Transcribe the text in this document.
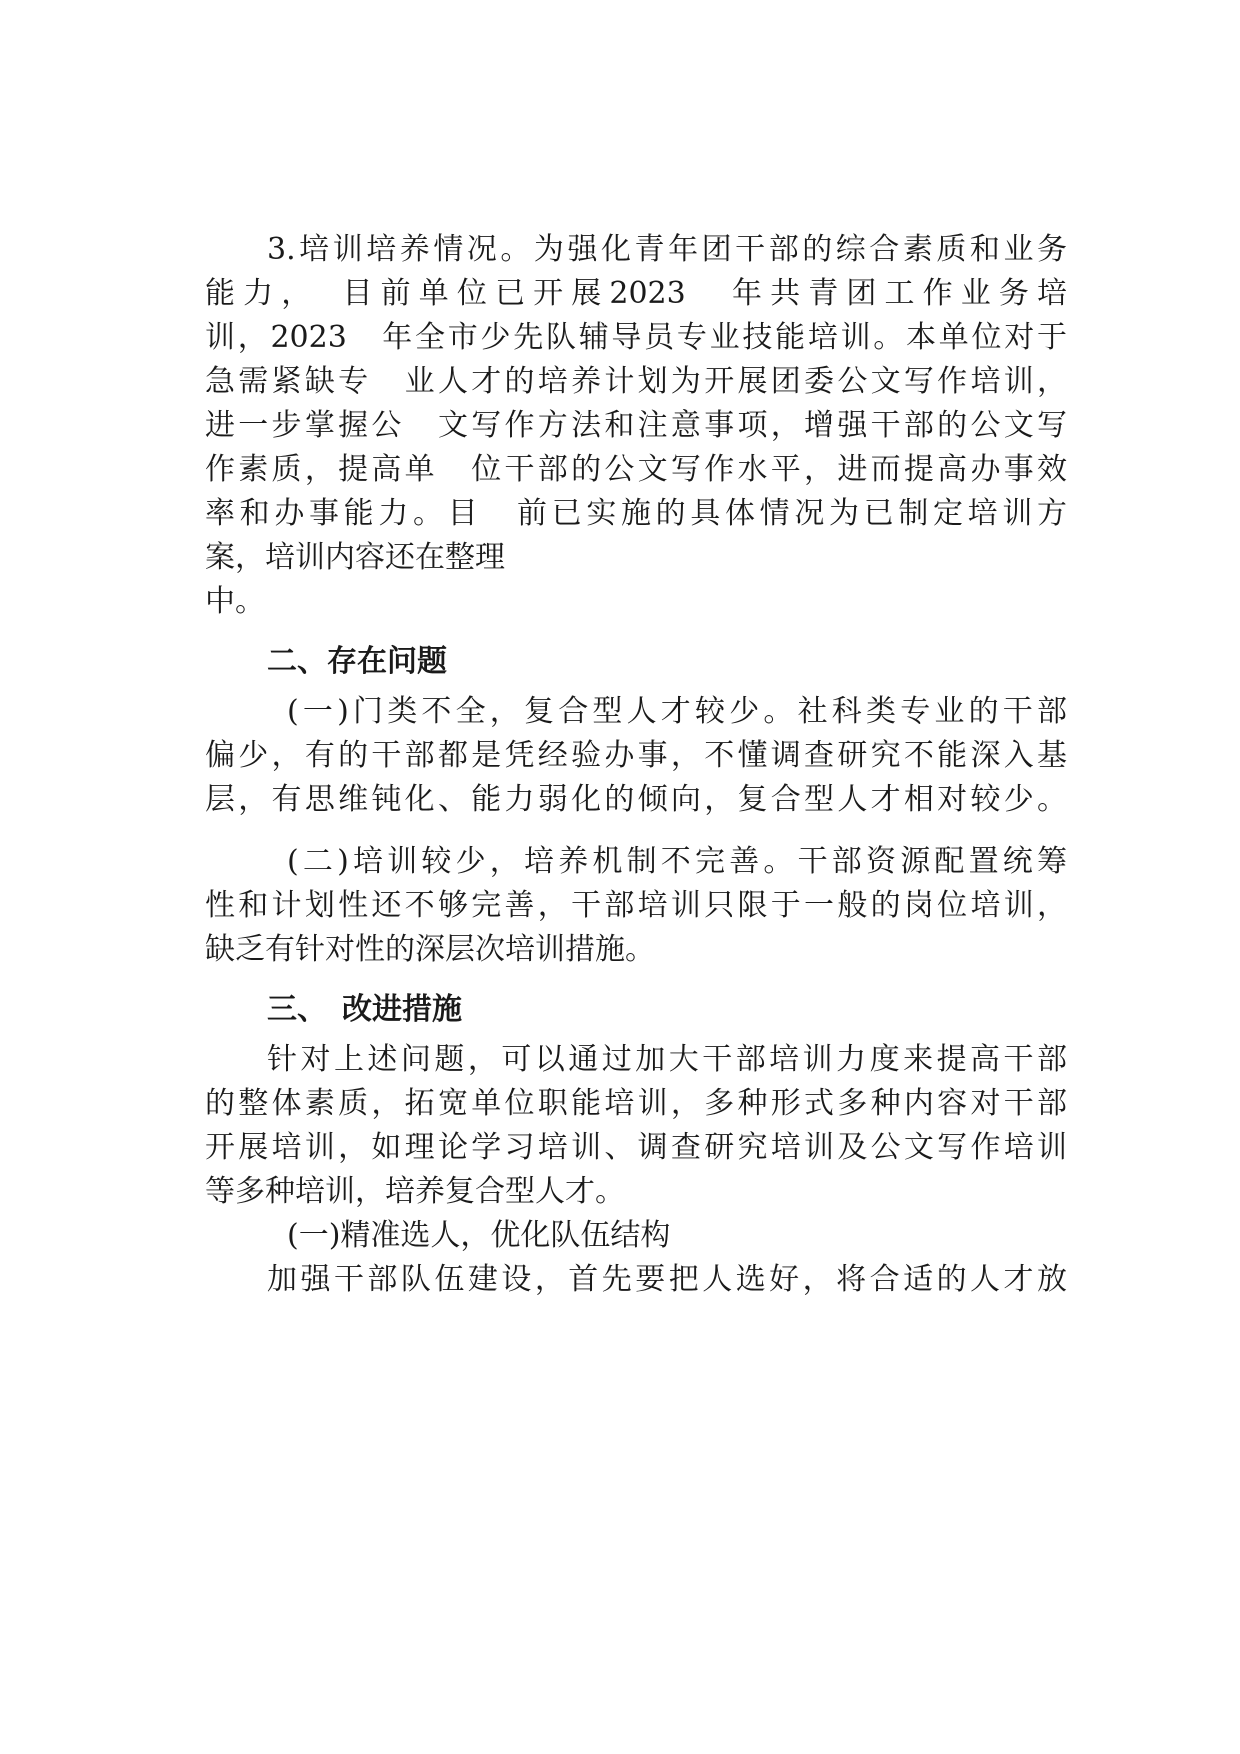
3.培训培养情况。为强化青年团干部的综合素质和业务

能力，　目前单位已开展2023　年共青团工作业务培

训，2023　年全市少先队辅导员专业技能培训。本单位对于

急需紧缺专　业人才的培养计划为开展团委公文写作培训，

进一步掌握公　文写作方法和注意事项，增强干部的公文写

作素质，提高单　位干部的公文写作水平，进而提高办事效

率和办事能力。目　前已实施的具体情况为已制定培训方

案，培训内容还在整理

中。

二、存在问题

(一)门类不全，复合型人才较少。社科类专业的干部

偏少，有的干部都是凭经验办事，不懂调查研究不能深入基

层，有思维钝化、能力弱化的倾向，复合型人才相对较少。

(二)培训较少，培养机制不完善。干部资源配置统筹

性和计划性还不够完善，干部培训只限于一般的岗位培训，

缺乏有针对性的深层次培训措施。

三、　改进措施

针对上述问题，可以通过加大干部培训力度来提高干部

的整体素质，拓宽单位职能培训，多种形式多种内容对干部

开展培训，如理论学习培训、调查研究培训及公文写作培训

等多种培训，培养复合型人才。

(一)精准选人，优化队伍结构

加强干部队伍建设，首先要把人选好，将合适的人才放
